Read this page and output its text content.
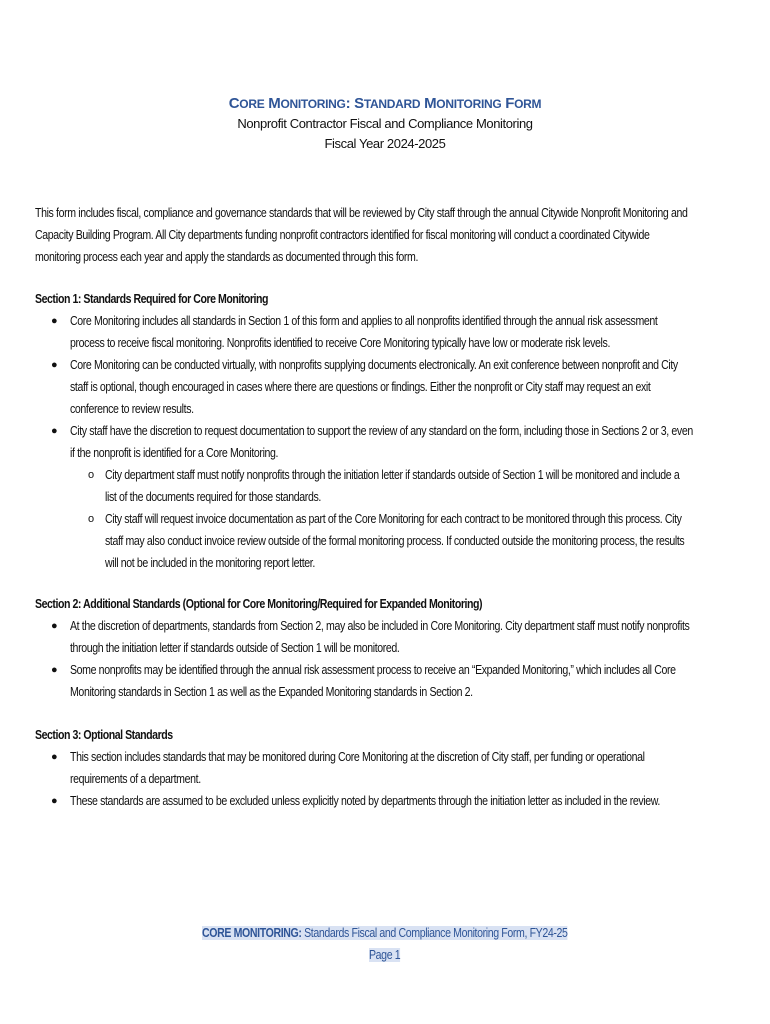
CORE MONITORING: STANDARD MONITORING FORM
Nonprofit Contractor Fiscal and Compliance Monitoring
Fiscal Year 2024-2025
This form includes fiscal, compliance and governance standards that will be reviewed by City staff through the annual Citywide Nonprofit Monitoring and
Capacity Building Program. All City departments funding nonprofit contractors identified for fiscal monitoring will conduct a coordinated Citywide
monitoring process each year and apply the standards as documented through this form.
Section 1: Standards Required for Core Monitoring
● Core Monitoring includes all standards in Section 1 of this form and applies to all nonprofits identified through the annual risk assessment
process to receive fiscal monitoring. Nonprofits identified to receive Core Monitoring typically have low or moderate risk levels.
● Core Monitoring can be conducted virtually, with nonprofits supplying documents electronically. An exit conference between nonprofit and City
staff is optional, though encouraged in cases where there are questions or findings. Either the nonprofit or City staff may request an exit
conference to review results.
● City staff have the discretion to request documentation to support the review of any standard on the form, including those in Sections 2 or 3, even
if the nonprofit is identified for a Core Monitoring.
o City department staff must notify nonprofits through the initiation letter if standards outside of Section 1 will be monitored and include a
list of the documents required for those standards.
o City staff will request invoice documentation as part of the Core Monitoring for each contract to be monitored through this process. City
staff may also conduct invoice review outside of the formal monitoring process. If conducted outside the monitoring process, the results
will not be included in the monitoring report letter.
Section 2: Additional Standards (Optional for Core Monitoring/Required for Expanded Monitoring)
● At the discretion of departments, standards from Section 2, may also be included in Core Monitoring. City department staff must notify nonprofits
through the initiation letter if standards outside of Section 1 will be monitored.
● Some nonprofits may be identified through the annual risk assessment process to receive an “Expanded Monitoring,” which includes all Core
Monitoring standards in Section 1 as well as the Expanded Monitoring standards in Section 2.
Section 3: Optional Standards
● This section includes standards that may be monitored during Core Monitoring at the discretion of City staff, per funding or operational
requirements of a department.
● These standards are assumed to be excluded unless explicitly noted by departments through the initiation letter as included in the review.
CORE MONITORING: Standards Fiscal and Compliance Monitoring Form, FY24-25
Page 1
